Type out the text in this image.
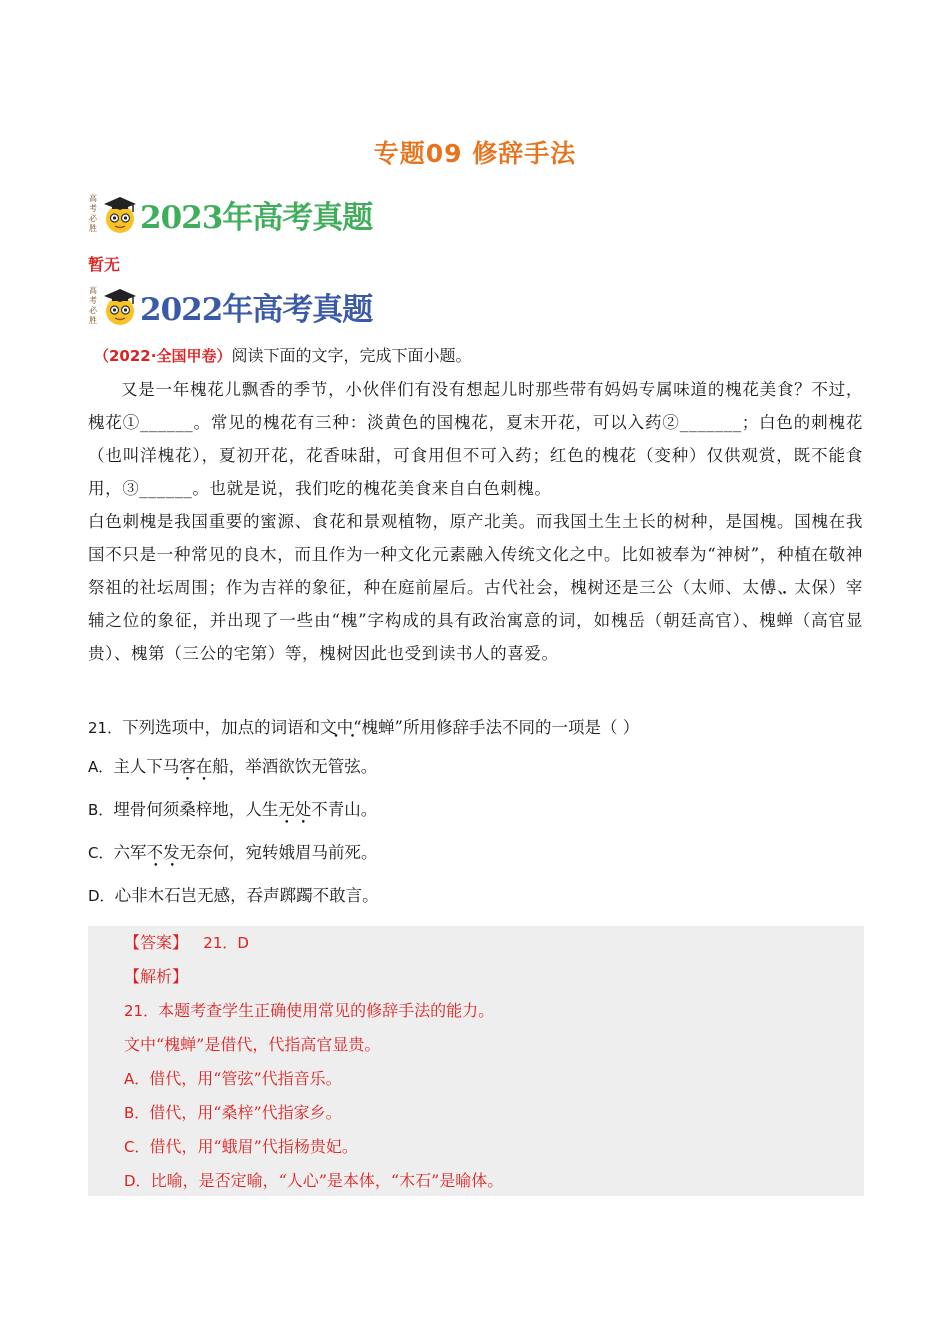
专题09 修辞手法
高
考
必
胜 2023年高考真题
暂无
高
考
必
胜 2022年高考真题
（2022·全国甲卷）阅读下面的文字，完成下面小题。

又是一年槐花儿飘香的季节，小伙伴们有没有想起儿时那些带有妈妈专属味道的槐花美食？不过，槐花①______。常见的槐花有三种：淡黄色的国槐花，夏末开花，可以入药②_______；白色的刺槐花（也叫洋槐花），夏初开花，花香味甜，可食用但不可入药；红色的槐花（变种）仅供观赏，既不能食用，③______。也就是说，我们吃的槐花美食来自白色刺槐。

白色刺槐是我国重要的蜜源、食花和景观植物，原产北美。而我国土生土长的树种，是国槐。国槐在我国不只是一种常见的良木，而且作为一种文化元素融入传统文化之中。比如被奉为“神树”，种植在敬神祭祖的社坛周围；作为吉祥的象征，种在庭前屋后。古代社会，槐树还是三公（太师、太傅、太保）宰辅之位的象征，并出现了一些由“槐”字构成的具有政治寓意的词，如槐岳（朝廷高官）、槐蝉（高官显贵）、槐第（三公的宅第）等，槐树因此也受到读书人的喜爱。

21．下列选项中，加点的词语和文中“槐蝉”所用修辞手法不同的一项是（ ）
A．主人下马客在船，举酒欲饮无管弦。
B．埋骨何须桑梓地，人生无处不青山。
C．六军不发无奈何，宛转娥眉马前死。
D．心非木石岂无感，吞声踯躅不敢言。
【答案】 21．D
【解析】
21．本题考查学生正确使用常见的修辞手法的能力。
文中“槐蝉”是借代，代指高官显贵。
A．借代，用“管弦”代指音乐。
B．借代，用“桑梓”代指家乡。
C．借代，用“蛾眉”代指杨贵妃。
D．比喻，是否定喻，“人心”是本体，“木石”是喻体。
